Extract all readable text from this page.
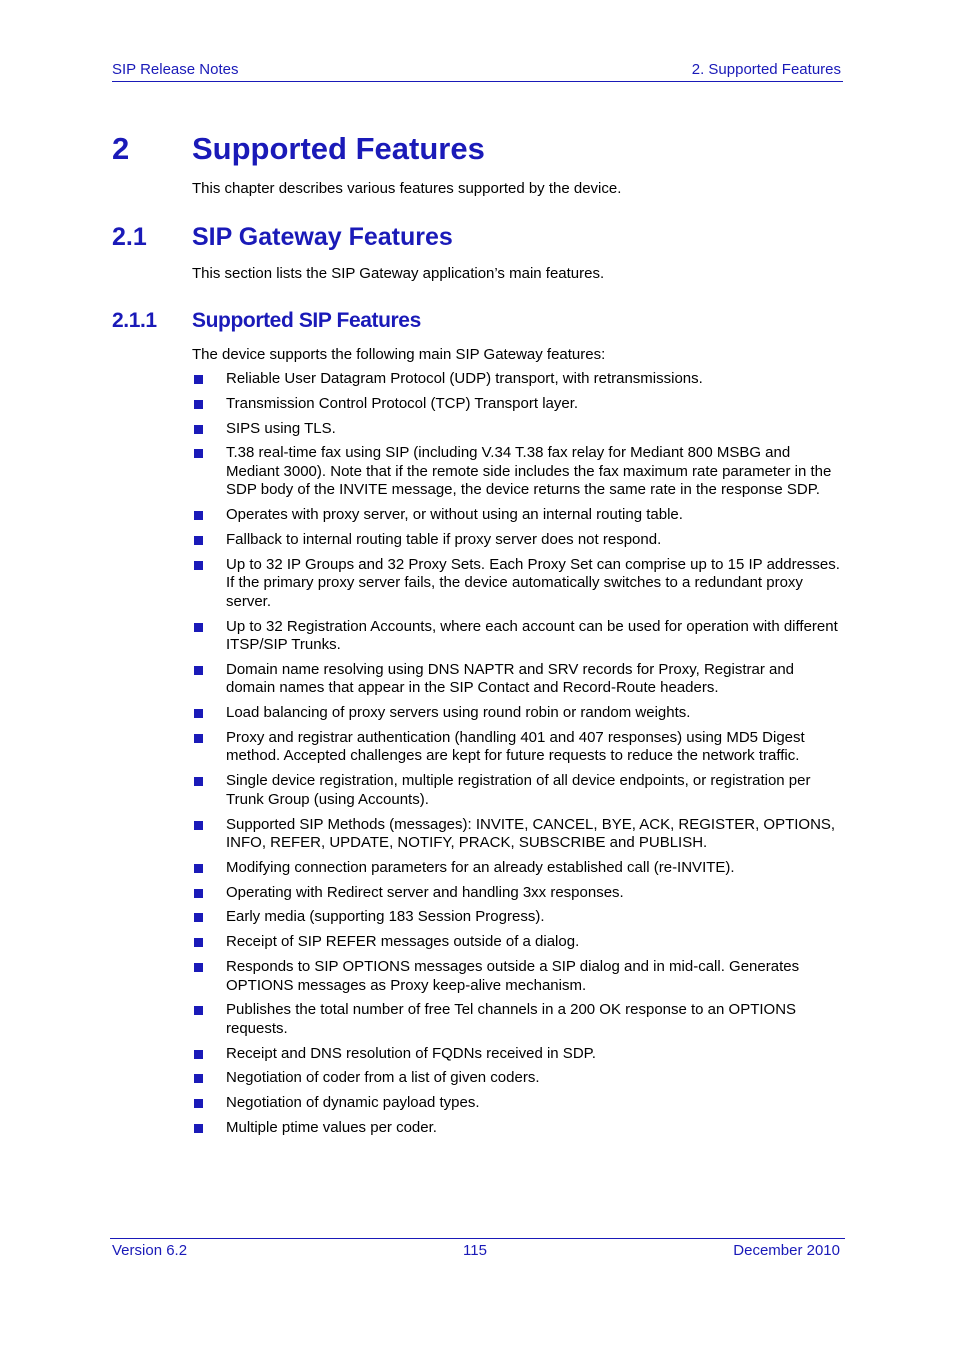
SIP Release Notes	2. Supported Features
2 Supported Features
This chapter describes various features supported by the device.
2.1 SIP Gateway Features
This section lists the SIP Gateway application’s main features.
2.1.1 Supported SIP Features
The device supports the following main SIP Gateway features:
Reliable User Datagram Protocol (UDP) transport, with retransmissions.
Transmission Control Protocol (TCP) Transport layer.
SIPS using TLS.
T.38 real-time fax using SIP (including V.34 T.38 fax relay for Mediant 800 MSBG and Mediant 3000). Note that if the remote side includes the fax maximum rate parameter in the SDP body of the INVITE message, the device returns the same rate in the response SDP.
Operates with proxy server, or without using an internal routing table.
Fallback to internal routing table if proxy server does not respond.
Up to 32 IP Groups and 32 Proxy Sets. Each Proxy Set can comprise up to 15 IP addresses. If the primary proxy server fails, the device automatically switches to a redundant proxy server.
Up to 32 Registration Accounts, where each account can be used for operation with different ITSP/SIP Trunks.
Domain name resolving using DNS NAPTR and SRV records for Proxy, Registrar and domain names that appear in the SIP Contact and Record-Route headers.
Load balancing of proxy servers using round robin or random weights.
Proxy and registrar authentication (handling 401 and 407 responses) using MD5 Digest method. Accepted challenges are kept for future requests to reduce the network traffic.
Single device registration, multiple registration of all device endpoints, or registration per Trunk Group (using Accounts).
Supported SIP Methods (messages): INVITE, CANCEL, BYE, ACK, REGISTER, OPTIONS, INFO, REFER, UPDATE, NOTIFY, PRACK, SUBSCRIBE and PUBLISH.
Modifying connection parameters for an already established call (re-INVITE).
Operating with Redirect server and handling 3xx responses.
Early media (supporting 183 Session Progress).
Receipt of SIP REFER messages outside of a dialog.
Responds to SIP OPTIONS messages outside a SIP dialog and in mid-call. Generates OPTIONS messages as Proxy keep-alive mechanism.
Publishes the total number of free Tel channels in a 200 OK response to an OPTIONS requests.
Receipt and DNS resolution of FQDNs received in SDP.
Negotiation of coder from a list of given coders.
Negotiation of dynamic payload types.
Multiple ptime values per coder.
Version 6.2	115	December 2010
